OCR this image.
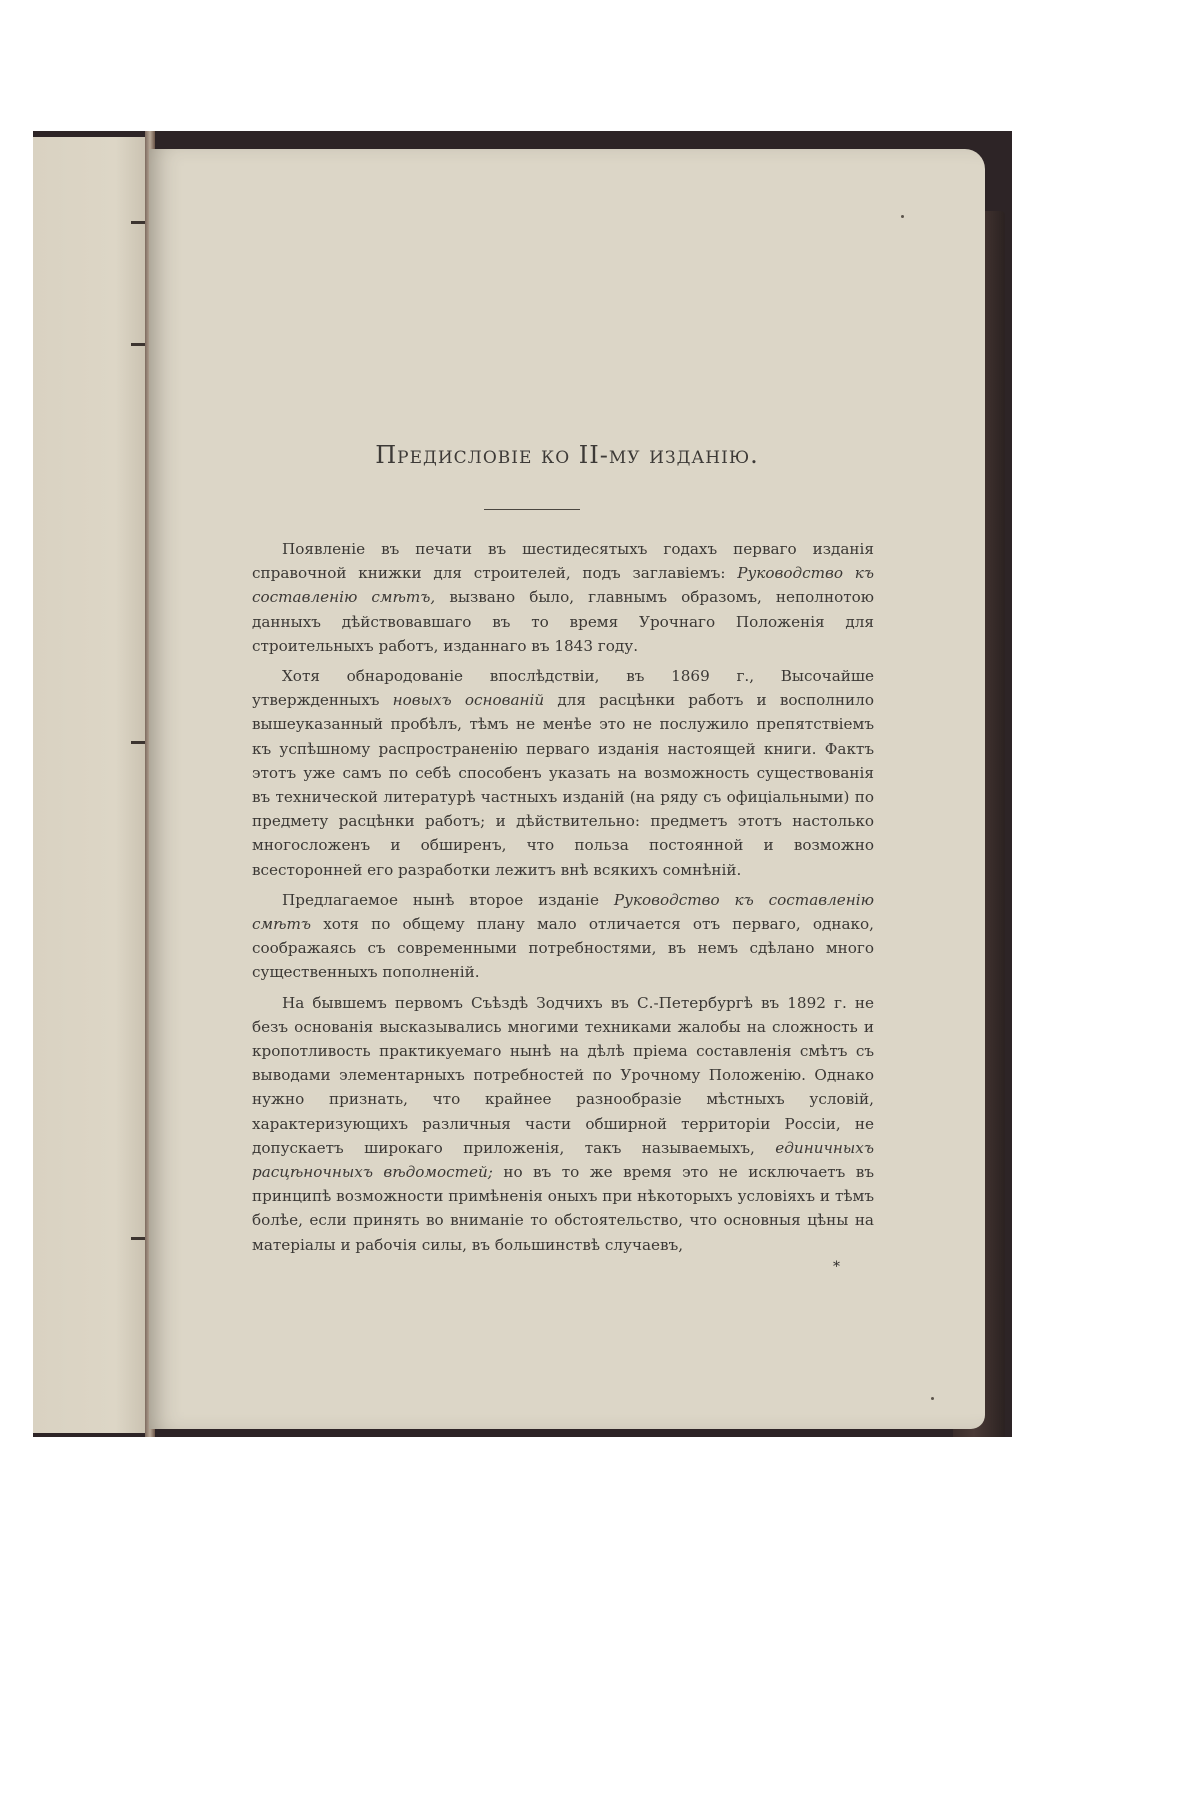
Предисловіе ко II-му изданію.

Появленіе въ печати въ шестидесятыхъ годахъ перваго изданія справочной книжки для строителей, подъ заглавіемъ: Руководство къ составленію смѣтъ, вызвано было, главнымъ образомъ, неполнотою данныхъ дѣйствовавшаго въ то время Урочнаго Положенія для строительныхъ работъ, изданнаго въ 1843 году.

Хотя обнародованіе впослѣдствіи, въ 1869 г., Высочайше утвержденныхъ новыхъ основаній для расцѣнки работъ и восполнило вышеуказанный пробѣлъ, тѣмъ не менѣе это не послужило препятствіемъ къ успѣшному распространенію перваго изданія настоящей книги. Фактъ этотъ уже самъ по себѣ способенъ указать на возможность существованія въ технической литературѣ частныхъ изданій (на ряду съ офиціальными) по предмету расцѣнки работъ; и дѣйствительно: предметъ этотъ настолько многосложенъ и обширенъ, что польза постоянной и возможно всесторонней его разработки лежитъ внѣ всякихъ сомнѣній.

Предлагаемое нынѣ второе изданіе Руководство къ составленію смѣтъ хотя по общему плану мало отличается отъ перваго, однако, соображаясь съ современными потребностями, въ немъ сдѣлано много существенныхъ пополненій.

На бывшемъ первомъ Съѣздѣ Зодчихъ въ С.-Петербургѣ въ 1892 г. не безъ основанія высказывались многими техниками жалобы на сложность и кропотливость практикуемаго нынѣ на дѣлѣ пріема составленія смѣтъ съ выводами элементарныхъ потребностей по Урочному Положенію. Однако нужно признать, что крайнее разнообразіе мѣстныхъ условій, характеризующихъ различныя части обширной территоріи Россіи, не допускаетъ широкаго приложенія, такъ называемыхъ, единичныхъ расцѣночныхъ вѣдомостей; но въ то же время это не исключаетъ въ принципѣ возможности примѣненія оныхъ при нѣкоторыхъ условіяхъ и тѣмъ болѣе, если принять во вниманіе то обстоятельство, что основныя цѣны на матеріалы и рабочія силы, въ большинствѣ случаевъ,

*
